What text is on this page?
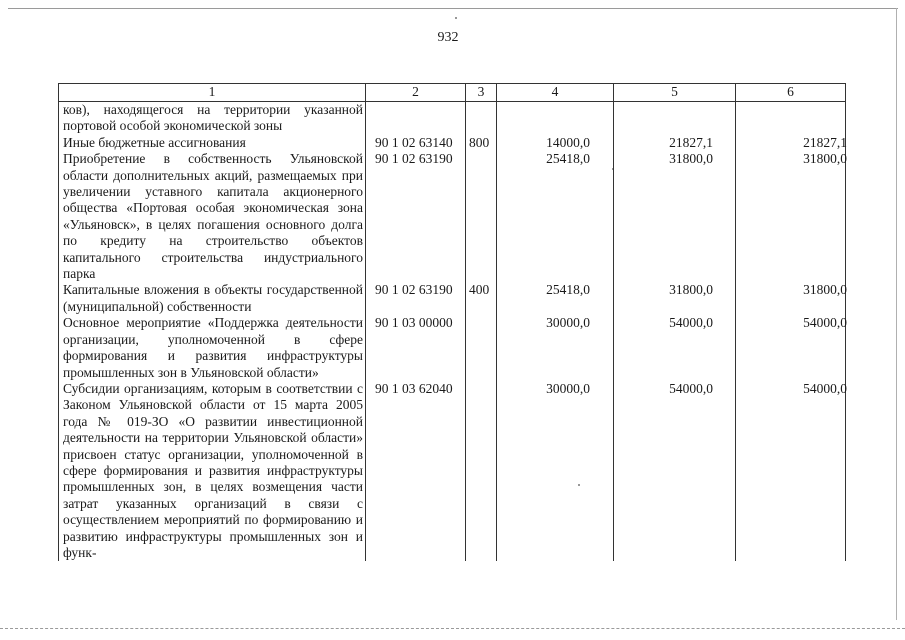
932
1	2	3	4	5	6
ков), находящегося на территории указанной портовой особой экономической зоны					
Иные бюджетные ассигнования	90 1 02 63140	800	14000,0	21827,1	21827,1
Приобретение в собственность Ульяновской области дополнительных акций, размещаемых при увеличении уставного капитала акционерного общества «Портовая особая экономическая зона «Ульяновск», в целях погашения основного долга по кредиту на строительство объектов капитального строительства индустриального парка	90 1 02 63190		25418,0	31800,0	31800,0
Капитальные вложения в объекты государственной (муниципальной) собственности	90 1 02 63190	400	25418,0	31800,0	31800,0
Основное мероприятие «Поддержка деятельности организации, уполномоченной в сфере формирования и развития инфраструктуры промышленных зон в Ульяновской области»	90 1 03 00000		30000,0	54000,0	54000,0
Субсидии организациям, которым в соответствии с Законом Ульяновской области от 15 марта 2005 года № 019-ЗО «О развитии инвестиционной деятельности на территории Ульяновской области» присвоен статус организации, уполномоченной в сфере формирования и развития инфраструктуры промышленных зон, в целях возмещения части затрат указанных организаций в связи с осуществлением мероприятий по формированию и развитию инфраструктуры промышленных зон и функ-	90 1 03 62040		30000,0	54000,0	54000,0
